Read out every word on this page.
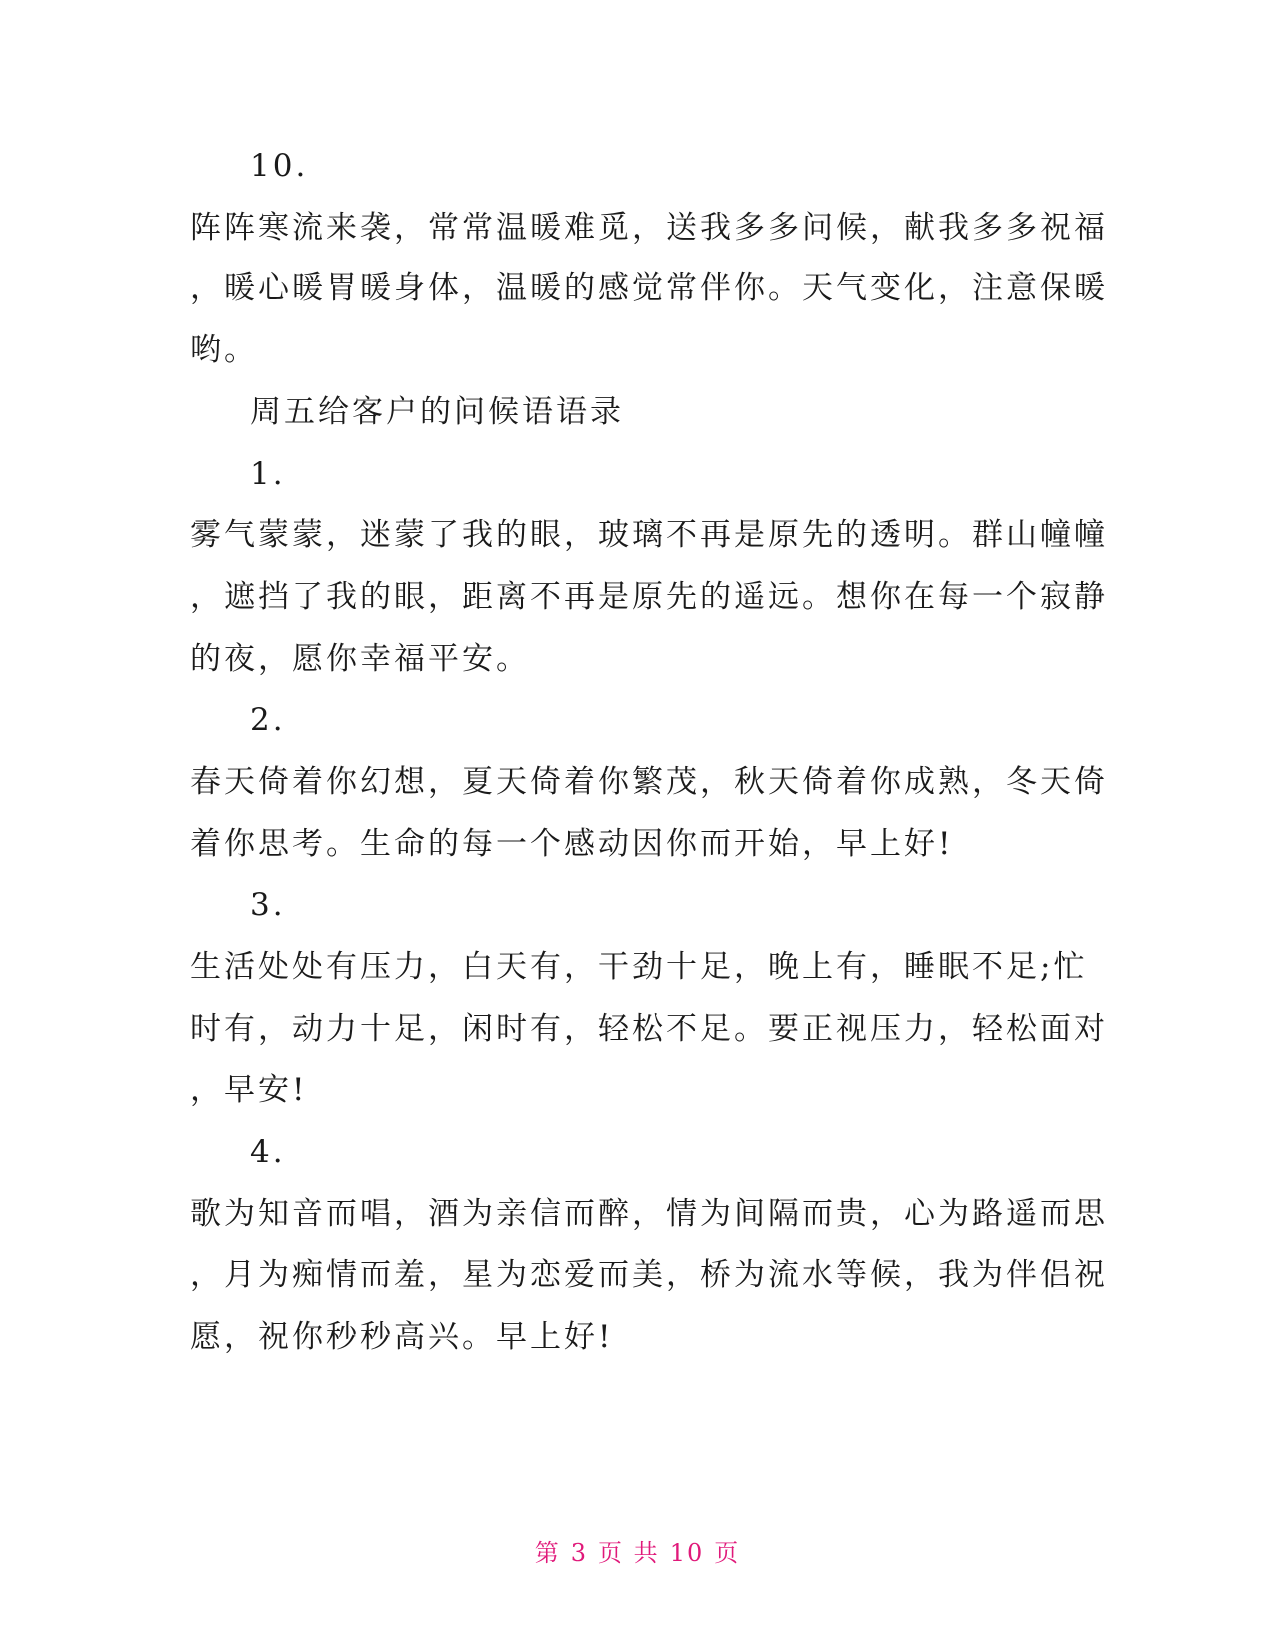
10.
阵阵寒流来袭，常常温暖难觅，送我多多问候，献我多多祝福
，暖心暖胃暖身体，温暖的感觉常伴你。天气变化，注意保暖
哟。
周五给客户的问候语语录
1.
雾气蒙蒙，迷蒙了我的眼，玻璃不再是原先的透明。群山幢幢
，遮挡了我的眼，距离不再是原先的遥远。想你在每一个寂静
的夜，愿你幸福平安。
2.
春天倚着你幻想，夏天倚着你繁茂，秋天倚着你成熟，冬天倚
着你思考。生命的每一个感动因你而开始，早上好!
3.
生活处处有压力，白天有，干劲十足，晚上有，睡眠不足;忙
时有，动力十足，闲时有，轻松不足。要正视压力，轻松面对
，早安!
4.
歌为知音而唱，酒为亲信而醉，情为间隔而贵，心为路遥而思
，月为痴情而羞，星为恋爱而美，桥为流水等候，我为伴侣祝
愿，祝你秒秒高兴。早上好!
第 3 页 共 10 页
